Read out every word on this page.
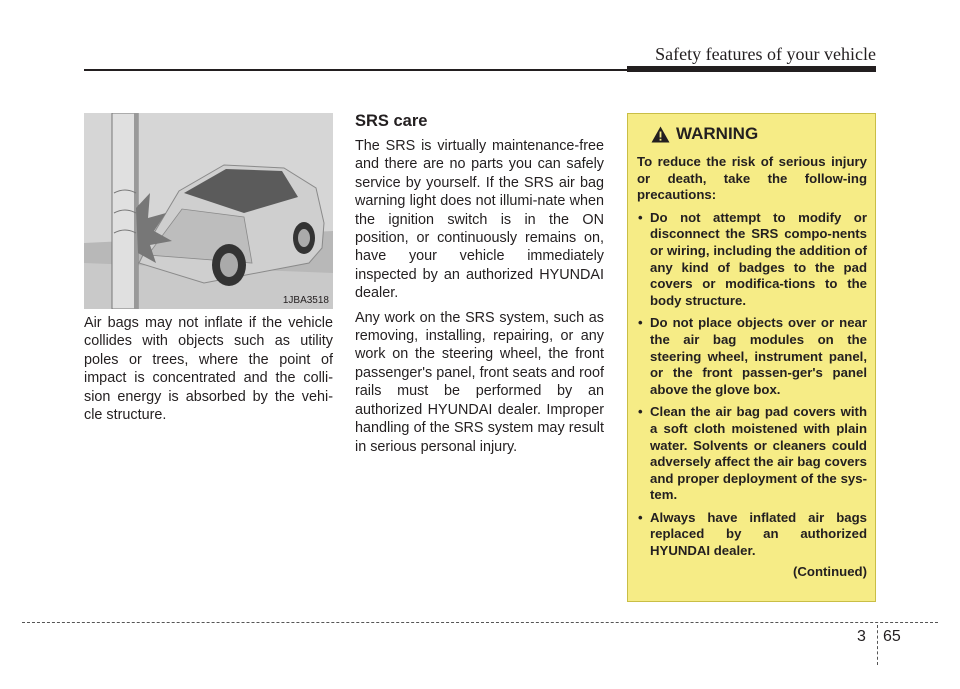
Safety features of your vehicle
1JBA3518
Air bags may not inflate if the vehicle collides with objects such as utility poles or trees, where the point of impact is concentrated and the colli-sion energy is absorbed by the vehi-cle structure.
SRS care

The SRS is virtually maintenance-free and there are no parts you can safely service by yourself. If the SRS air bag warning light does not illumi-nate when the ignition switch is in the ON position, or continuously remains on, have your vehicle immediately inspected by an authorized HYUNDAI dealer.

Any work on the SRS system, such as removing, installing, repairing, or any work on the steering wheel, the front passenger's panel, front seats and roof rails must be performed by an authorized HYUNDAI dealer. Improper handling of the SRS system may result in serious personal injury.

WARNING
To reduce the risk of serious injury or death, take the follow-ing precautions:
• Do not attempt to modify or disconnect the SRS compo-nents or wiring, including the addition of any kind of badges to the pad covers or modifica-tions to the body structure.
• Do not place objects over or near the air bag modules on the steering wheel, instrument panel, or the front passen-ger's panel above the glove box.
• Clean the air bag pad covers with a soft cloth moistened with plain water. Solvents or cleaners could adversely affect the air bag covers and proper deployment of the sys-tem.
• Always have inflated air bags replaced by an authorized HYUNDAI dealer.
(Continued)
3 65
